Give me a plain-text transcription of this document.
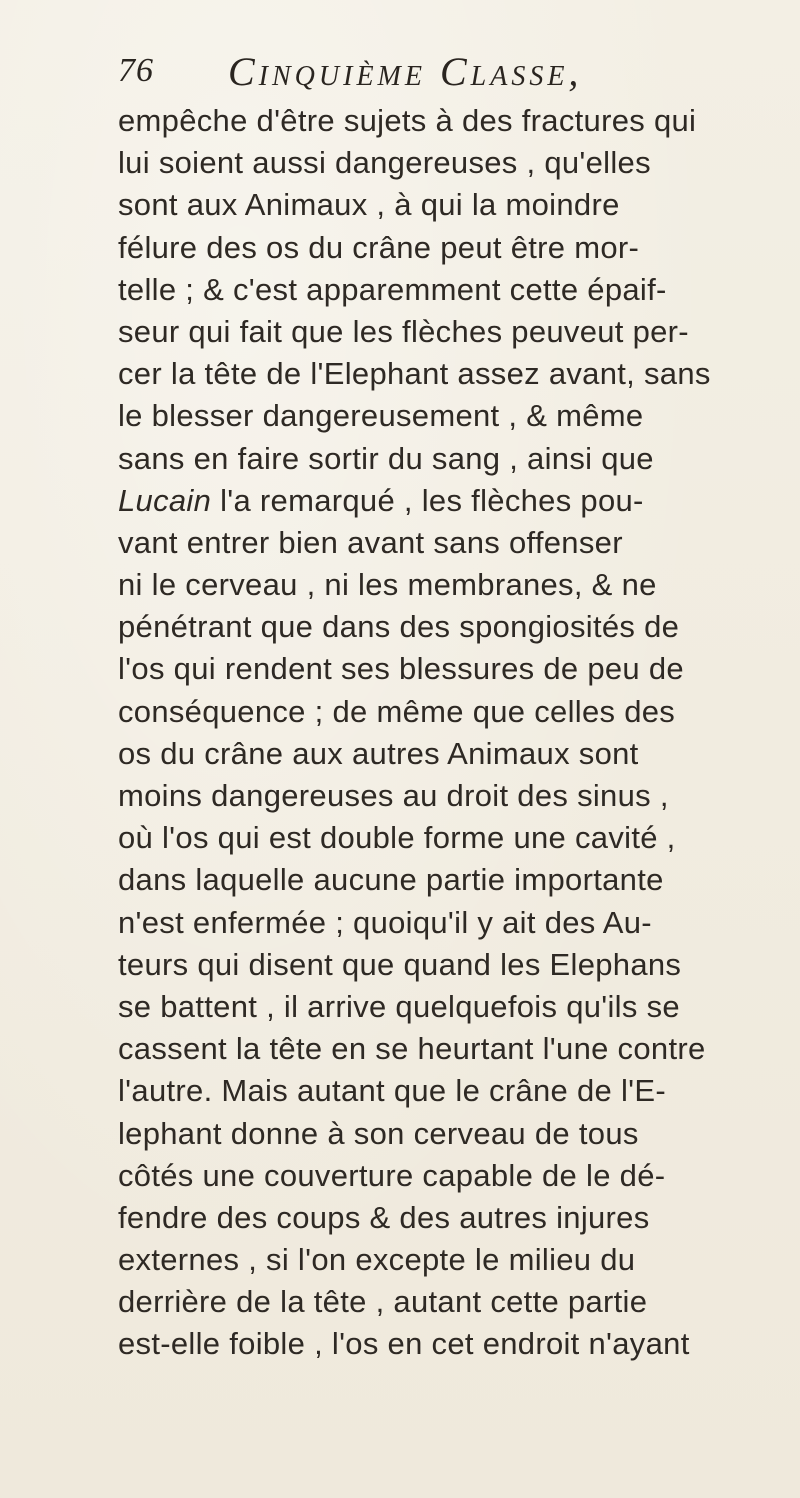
76 Cinquième Classe,
empêche d'être sujets à des fractures qui
lui soient aussi dangereuses , qu'elles
sont aux Animaux , à qui la moindre
félure des os du crâne peut être mor-
telle ; & c'est apparemment cette épaif-
seur qui fait que les flèches peuveut per-
cer la tête de l'Elephant assez avant, sans
le blesser dangereusement , & même
sans en faire sortir du sang , ainsi que
Lucain l'a remarqué , les flèches pou-
vant entrer bien avant sans offenser
ni le cerveau , ni les membranes, & ne
pénétrant que dans des spongiosités de
l'os qui rendent ses blessures de peu de
conséquence ; de même que celles des
os du crâne aux autres Animaux sont
moins dangereuses au droit des sinus ,
où l'os qui est double forme une cavité ,
dans laquelle aucune partie importante
n'est enfermée ; quoiqu'il y ait des Au-
teurs qui disent que quand les Elephans
se battent , il arrive quelquefois qu'ils se
cassent la tête en se heurtant l'une contre
l'autre. Mais autant que le crâne de l'E-
lephant donne à son cerveau de tous
côtés une couverture capable de le dé-
fendre des coups & des autres injures
externes , si l'on excepte le milieu du
derrière de la tête , autant cette partie
est-elle foible , l'os en cet endroit n'ayant
